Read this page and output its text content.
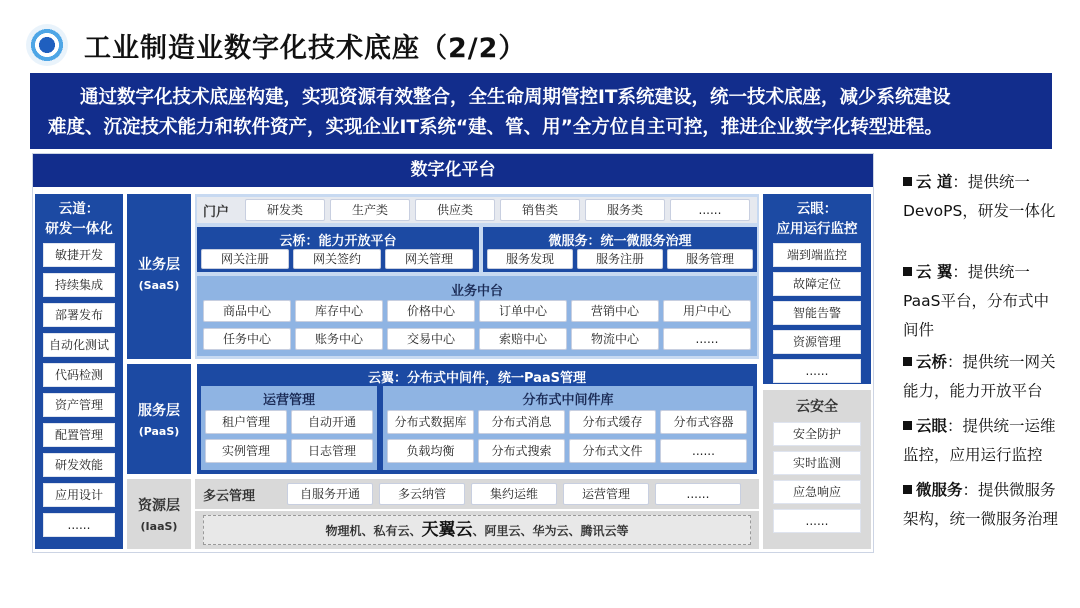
工业制造业数字化技术底座（2/2）

通过数字化技术底座构建，实现资源有效整合，全生命周期管控IT系统建设，统一技术底座，减少系统建设

难度、沉淀技术能力和软件资产，实现企业IT系统“建、管、用”全方位自主可控，推进企业数字化转型进程。

数字化平台
云道：
研发一体化
敏捷开发
持续集成
部署发布
自动化测试
代码检测
资产管理
配置管理
研发效能
应用设计
......
业务层
(SaaS)
服务层
(PaaS)
资源层
(IaaS)
门户	研发类	生产类	供应类	销售类	服务类	......
云桥：能力开放平台
网关注册	网关签约	网关管理
微服务：统一微服务治理
服务发现	服务注册	服务管理
业务中台
商品中心	库存中心	价格中心	订单中心	营销中心	用户中心
任务中心	账务中心	交易中心	索赔中心	物流中心	......
云翼：分布式中间件，统一PaaS管理
运营管理
租户管理	自动开通
实例管理	日志管理
分布式中间件库
分布式数据库	分布式消息	分布式缓存	分布式容器
负载均衡	分布式搜索	分布式文件	......
多云管理	自服务开通	多云纳管	集约运维	运营管理	......
物理机、私有云、天翼云、阿里云、华为云、腾讯云等
云眼：
应用运行监控
端到端监控
故障定位
智能告警
资源管理
......
云安全
安全防护
实时监测
应急响应
......
云 道：提供统一DevoPS，研发一体化
云 翼：提供统一PaaS平台，分布式中间件
云桥：提供统一网关能力，能力开放平台
云眼：提供统一运维监控，应用运行监控
微服务：提供微服务架构，统一微服务治理
